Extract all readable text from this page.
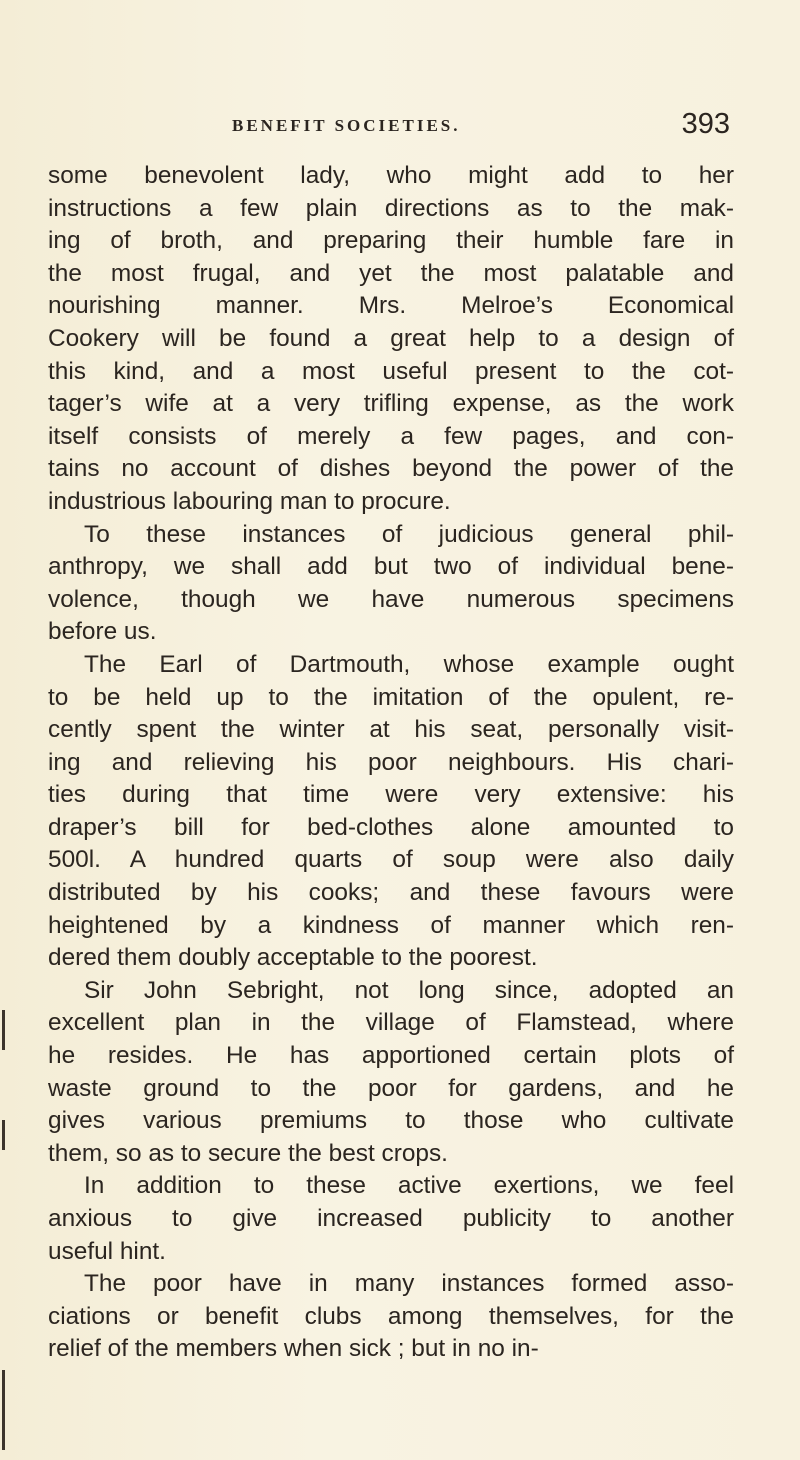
BENEFIT SOCIETIES.	393
some benevolent lady, who might add to her
instructions a few plain directions as to the mak-
ing of broth, and preparing their humble fare in
the most frugal, and yet the most palatable and
nourishing manner. Mrs. Melroe’s Economical
Cookery will be found a great help to a design of
this kind, and a most useful present to the cot-
tager’s wife at a very trifling expense, as the work
itself consists of merely a few pages, and con-
tains no account of dishes beyond the power of the
industrious labouring man to procure.
To these instances of judicious general phil-
anthropy, we shall add but two of individual bene-
volence, though we have numerous specimens
before us.
The Earl of Dartmouth, whose example ought
to be held up to the imitation of the opulent, re-
cently spent the winter at his seat, personally visit-
ing and relieving his poor neighbours. His chari-
ties during that time were very extensive: his
draper’s bill for bed-clothes alone amounted to
500l. A hundred quarts of soup were also daily
distributed by his cooks; and these favours were
heightened by a kindness of manner which ren-
dered them doubly acceptable to the poorest.
Sir John Sebright, not long since, adopted an
excellent plan in the village of Flamstead, where
he resides. He has apportioned certain plots of
waste ground to the poor for gardens, and he
gives various premiums to those who cultivate
them, so as to secure the best crops.
In addition to these active exertions, we feel
anxious to give increased publicity to another
useful hint.
The poor have in many instances formed asso-
ciations or benefit clubs among themselves, for the
relief of the members when sick ; but in no in-
